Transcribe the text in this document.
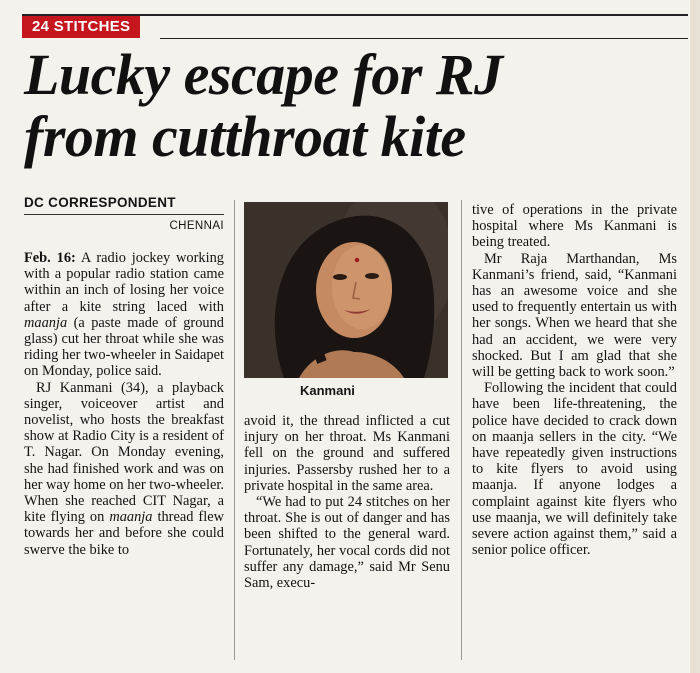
24 STITCHES
Lucky escape for RJ
from cutthroat kite
DC CORRESPONDENT
CHENNAI

Feb. 16: A radio jockey working with a popular radio station came within an inch of losing her voice after a kite string laced with maanja (a paste made of ground glass) cut her throat while she was riding her two-wheeler in Saidapet on Monday, police said.

RJ Kanmani (34), a playback singer, voiceover artist and novelist, who hosts the breakfast show at Radio City is a resident of T. Nagar. On Monday evening, she had finished work and was on her way home on her two-wheeler. When she reached CIT Nagar, a kite flying on maanja thread flew towards her and before she could swerve the bike to

Kanmani

avoid it, the thread inflicted a cut injury on her throat. Ms Kanmani fell on the ground and suffered injuries. Passersby rushed her to a private hospital in the same area.

“We had to put 24 stitches on her throat. She is out of danger and has been shifted to the general ward. Fortunately, her vocal cords did not suffer any damage,” said Mr Senu Sam, execu-

tive of operations in the private hospital where Ms Kanmani is being treated.

Mr Raja Marthandan, Ms Kanmani’s friend, said, “Kanmani has an awesome voice and she used to frequently entertain us with her songs. When we heard that she had an accident, we were very shocked. But I am glad that she will be getting back to work soon.”

Following the incident that could have been life-threatening, the police have decided to crack down on maanja sellers in the city. “We have repeatedly given instructions to kite flyers to avoid using maanja. If anyone lodges a complaint against kite flyers who use maanja, we will definitely take severe action against them,” said a senior police officer.
